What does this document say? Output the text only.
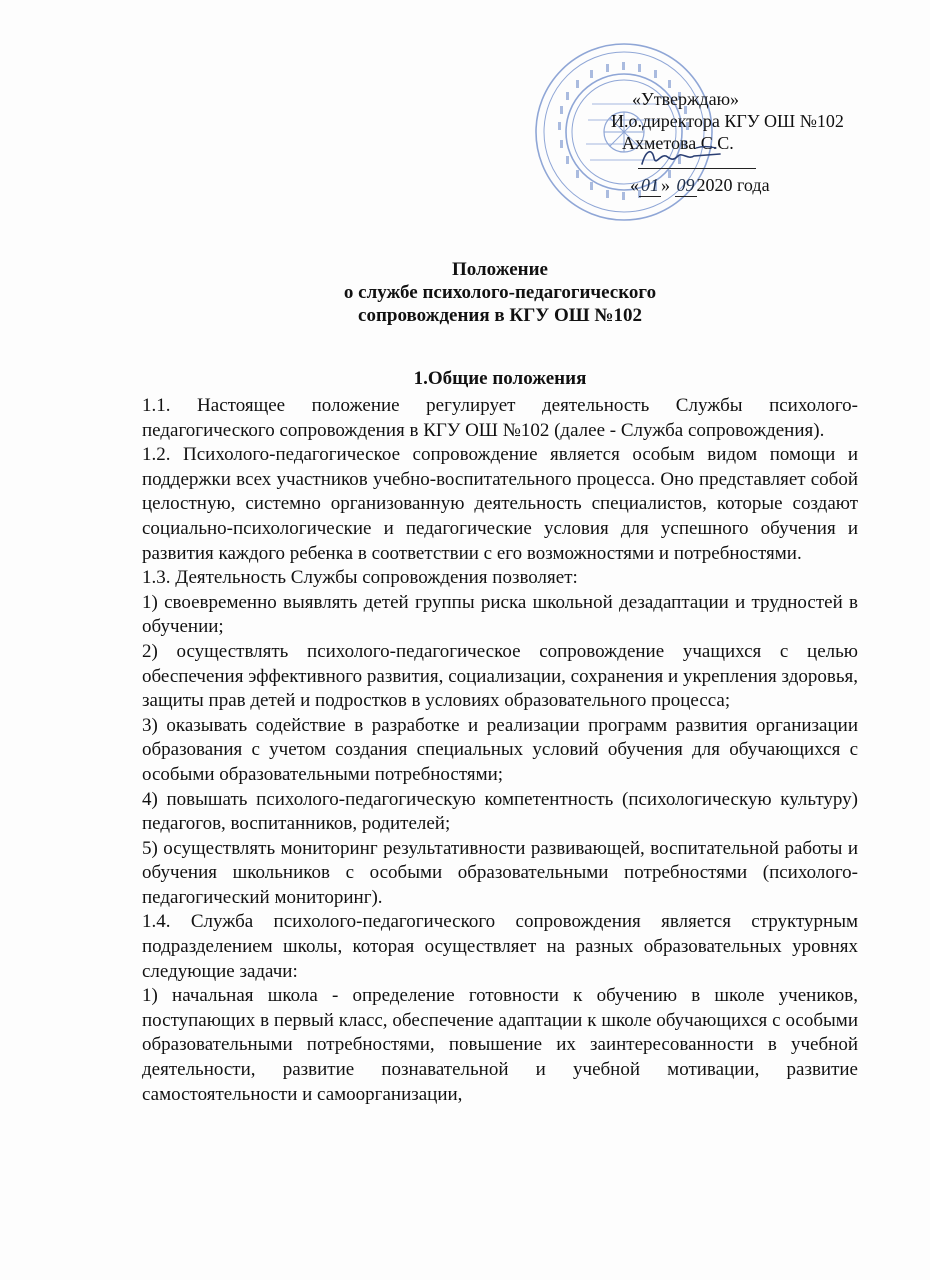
«Утверждаю»
И.о.директора КГУ ОШ №102
Ахметова С.С.
« 01 » 09 2020 года
Положение
о службе психолого-педагогического
сопровождения в КГУ ОШ №102
1.Общие положения

1.1. Настоящее положение регулирует деятельность Службы психолого-педагогического сопровождения в КГУ ОШ №102 (далее - Служба сопровождения).

1.2. Психолого-педагогическое сопровождение является особым видом помощи и поддержки всех участников учебно-воспитательного процесса. Оно представляет собой целостную, системно организованную деятельность специалистов, которые создают социально-психологические и педагогические условия для успешного обучения и развития каждого ребенка в соответствии с его возможностями и потребностями.

1.3. Деятельность Службы сопровождения позволяет:

1) своевременно выявлять детей группы риска школьной дезадаптации и трудностей в обучении;

2) осуществлять психолого-педагогическое сопровождение учащихся с целью обеспечения эффективного развития, социализации, сохранения и укрепления здоровья, защиты прав детей и подростков в условиях образовательного процесса;

3) оказывать содействие в разработке и реализации программ развития организации образования с учетом создания специальных условий обучения для обучающихся с особыми образовательными потребностями;

4) повышать психолого-педагогическую компетентность (психологическую культуру) педагогов, воспитанников, родителей;

5) осуществлять мониторинг результативности развивающей, воспитательной работы и обучения школьников с особыми образовательными потребностями (психолого-педагогический мониторинг).

1.4. Служба психолого-педагогического сопровождения является структурным подразделением школы, которая осуществляет на разных образовательных уровнях следующие задачи:

1) начальная школа - определение готовности к обучению в школе учеников, поступающих в первый класс, обеспечение адаптации к школе обучающихся с особыми образовательными потребностями, повышение их заинтересованности в учебной деятельности, развитие познавательной и учебной мотивации, развитие самостоятельности и самоорганизации,
